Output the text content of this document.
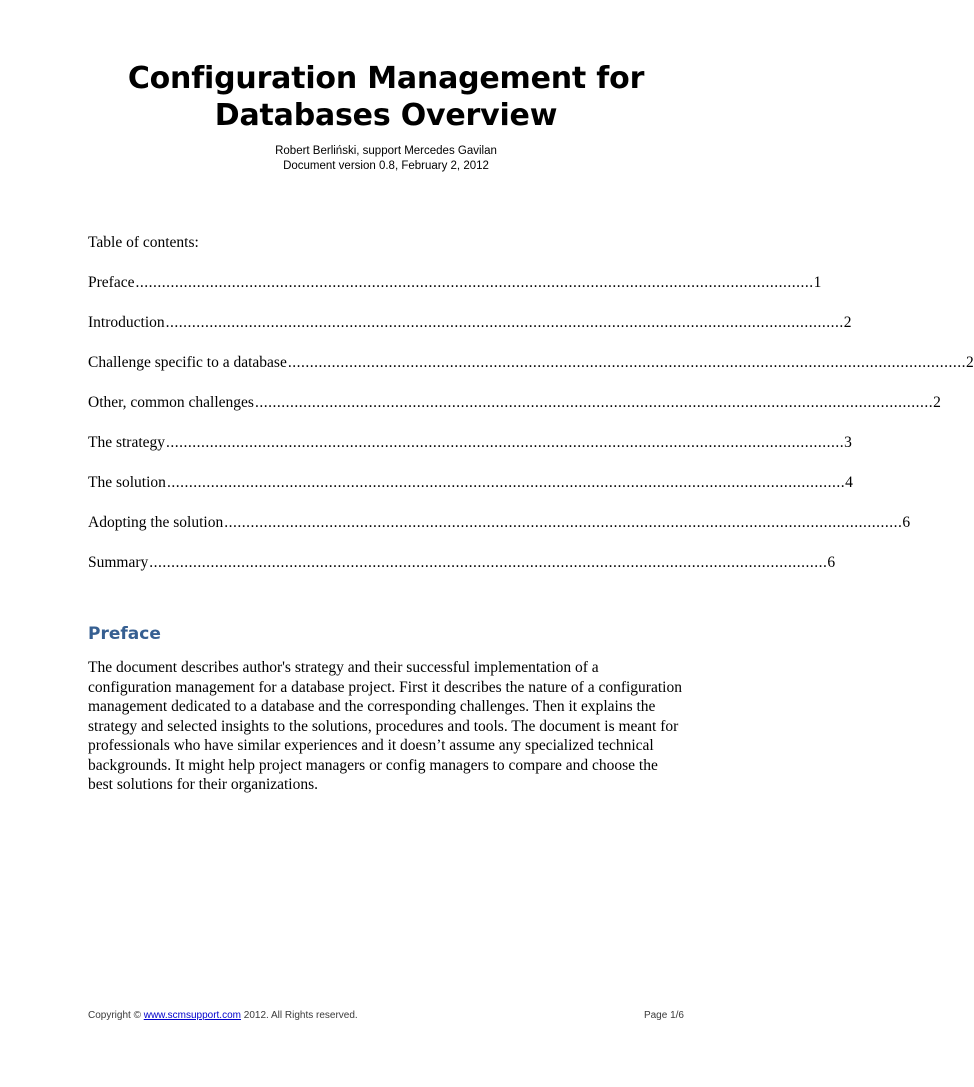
Configuration Management for
Databases Overview
Robert Berliński, support Mercedes Gavilan
Document version 0.8, February 2, 2012
Table of contents:
Preface ........................................................................................................................................................... 1
Introduction ........................................................................................................................................................... 2
Challenge specific to a database ........................................................................................................................................................... 2
Other, common challenges ........................................................................................................................................................... 2
The strategy ........................................................................................................................................................... 3
The solution ........................................................................................................................................................... 4
Adopting the solution ........................................................................................................................................................... 6
Summary ........................................................................................................................................................... 6
Preface

The document describes author's strategy and their successful implementation of a configuration management for a database project. First it describes the nature of a configuration management dedicated to a database and the corresponding challenges. Then it explains the strategy and selected insights to the solutions, procedures and tools. The document is meant for professionals who have similar experiences and it doesn’t assume any specialized technical backgrounds. It might help project managers or config managers to compare and choose the best solutions for their organizations.

Copyright © www.scmsupport.com 2012. All Rights reserved.	Page 1/6
